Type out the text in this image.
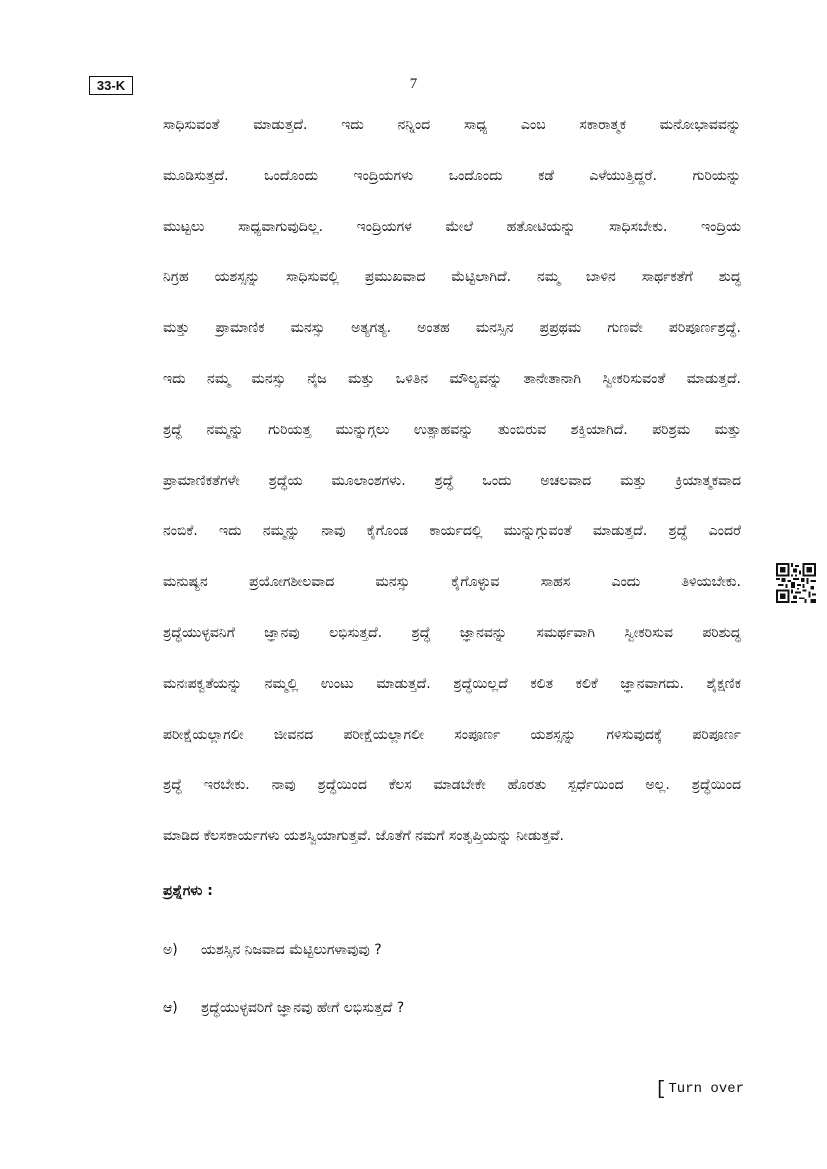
33-K	7
ಸಾಧಿಸುವಂತೆ ಮಾಡುತ್ತದೆ. ಇದು ನನ್ನಿಂದ ಸಾಧ್ಯ ಎಂಬ ಸಕಾರಾತ್ಮಕ ಮನೋಭಾವವನ್ನು
ಮೂಡಿಸುತ್ತದೆ. ಒಂದೊಂದು ಇಂದ್ರಿಯಗಳು ಒಂದೊಂದು ಕಡೆ ಎಳೆಯುತ್ತಿದ್ದರೆ. ಗುರಿಯನ್ನು
ಮುಟ್ಟಲು ಸಾಧ್ಯವಾಗುವುದಿಲ್ಲ. ಇಂದ್ರಿಯಗಳ ಮೇಲೆ ಹತೋಟಿಯನ್ನು ಸಾಧಿಸಬೇಕು. ಇಂದ್ರಿಯ
ನಿಗ್ರಹ ಯಶಸ್ಸನ್ನು ಸಾಧಿಸುವಲ್ಲಿ ಪ್ರಮುಖವಾದ ಮೆಟ್ಟಿಲಾಗಿದೆ. ನಮ್ಮ ಬಾಳಿನ ಸಾರ್ಥಕತೆಗೆ ಶುದ್ಧ
ಮತ್ತು ಪ್ರಾಮಾಣಿಕ ಮನಸ್ಸು ಅತ್ಯಗತ್ಯ. ಅಂತಹ ಮನಸ್ಸಿನ ಪ್ರಪ್ರಥಮ ಗುಣವೇ ಪರಿಪೂರ್ಣಶ್ರದ್ಧೆ.
ಇದು ನಮ್ಮ ಮನಸ್ಸು ನೈಜ ಮತ್ತು ಒಳಿತಿನ ಮೌಲ್ಯವನ್ನು ತಾನೇತಾನಾಗಿ ಸ್ವೀಕರಿಸುವಂತೆ ಮಾಡುತ್ತದೆ.
ಶ್ರದ್ಧೆ ನಮ್ಮನ್ನು ಗುರಿಯತ್ತ ಮುನ್ನುಗ್ಗಲು ಉತ್ಸಾಹವನ್ನು ತುಂಬಿರುವ ಶಕ್ತಿಯಾಗಿದೆ. ಪರಿಶ್ರಮ ಮತ್ತು
ಪ್ರಾಮಾಣಿಕತೆಗಳೇ ಶ್ರದ್ಧೆಯ ಮೂಲಾಂಶಗಳು. ಶ್ರದ್ಧೆ ಒಂದು ಅಚಲವಾದ ಮತ್ತು ಕ್ರಿಯಾತ್ಮಕವಾದ
ನಂಬಿಕೆ. ಇದು ನಮ್ಮನ್ನು ನಾವು ಕೈಗೊಂಡ ಕಾರ್ಯದಲ್ಲಿ ಮುನ್ನುಗ್ಗುವಂತೆ ಮಾಡುತ್ತದೆ. ಶ್ರದ್ಧೆ ಎಂದರೆ
ಮನುಷ್ಯನ ಪ್ರಯೋಗಶೀಲವಾದ ಮನಸ್ಸು ಕೈಗೊಳ್ಳುವ ಸಾಹಸ ಎಂದು ತಿಳಿಯಬೇಕು.
ಶ್ರದ್ಧೆಯುಳ್ಳವನಿಗೆ ಜ್ಞಾನವು ಲಭಿಸುತ್ತದೆ. ಶ್ರದ್ಧೆ ಜ್ಞಾನವನ್ನು ಸಮರ್ಥವಾಗಿ ಸ್ವೀಕರಿಸುವ ಪರಿಶುದ್ಧ
ಮನಃಪಕ್ವತೆಯನ್ನು ನಮ್ಮಲ್ಲಿ ಉಂಟು ಮಾಡುತ್ತದೆ. ಶ್ರದ್ಧೆಯಿಲ್ಲದೆ ಕಲಿತ ಕಲಿಕೆ ಜ್ಞಾನವಾಗದು. ಶೈಕ್ಷಣಿಕ
ಪರೀಕ್ಷೆಯಲ್ಲಾಗಲೀ ಜೀವನದ ಪರೀಕ್ಷೆಯಲ್ಲಾಗಲೀ ಸಂಪೂರ್ಣ ಯಶಸ್ಸನ್ನು ಗಳಿಸುವುದಕ್ಕೆ ಪರಿಪೂರ್ಣ
ಶ್ರದ್ಧೆ ಇರಬೇಕು. ನಾವು ಶ್ರದ್ಧೆಯಿಂದ ಕೆಲಸ ಮಾಡಬೇಕೇ ಹೊರತು ಸ್ಪರ್ಧೆಯಿಂದ ಅಲ್ಲ. ಶ್ರದ್ಧೆಯಿಂದ
ಮಾಡಿದ ಕೆಲಸಕಾರ್ಯಗಳು ಯಶಸ್ವಿಯಾಗುತ್ತವೆ. ಜೊತೆಗೆ ನಮಗೆ ಸಂತೃಪ್ತಿಯನ್ನು ನೀಡುತ್ತವೆ.
ಪ್ರಶ್ನೆಗಳು :
ಅ) ಯಶಸ್ಸಿನ ನಿಜವಾದ ಮೆಟ್ಟಿಲುಗಳಾವುವು ?
ಆ) ಶ್ರದ್ಧೆಯುಳ್ಳವರಿಗೆ ಜ್ಞಾನವು ಹೇಗೆ ಲಭಿಸುತ್ತದೆ ?
[ Turn over
